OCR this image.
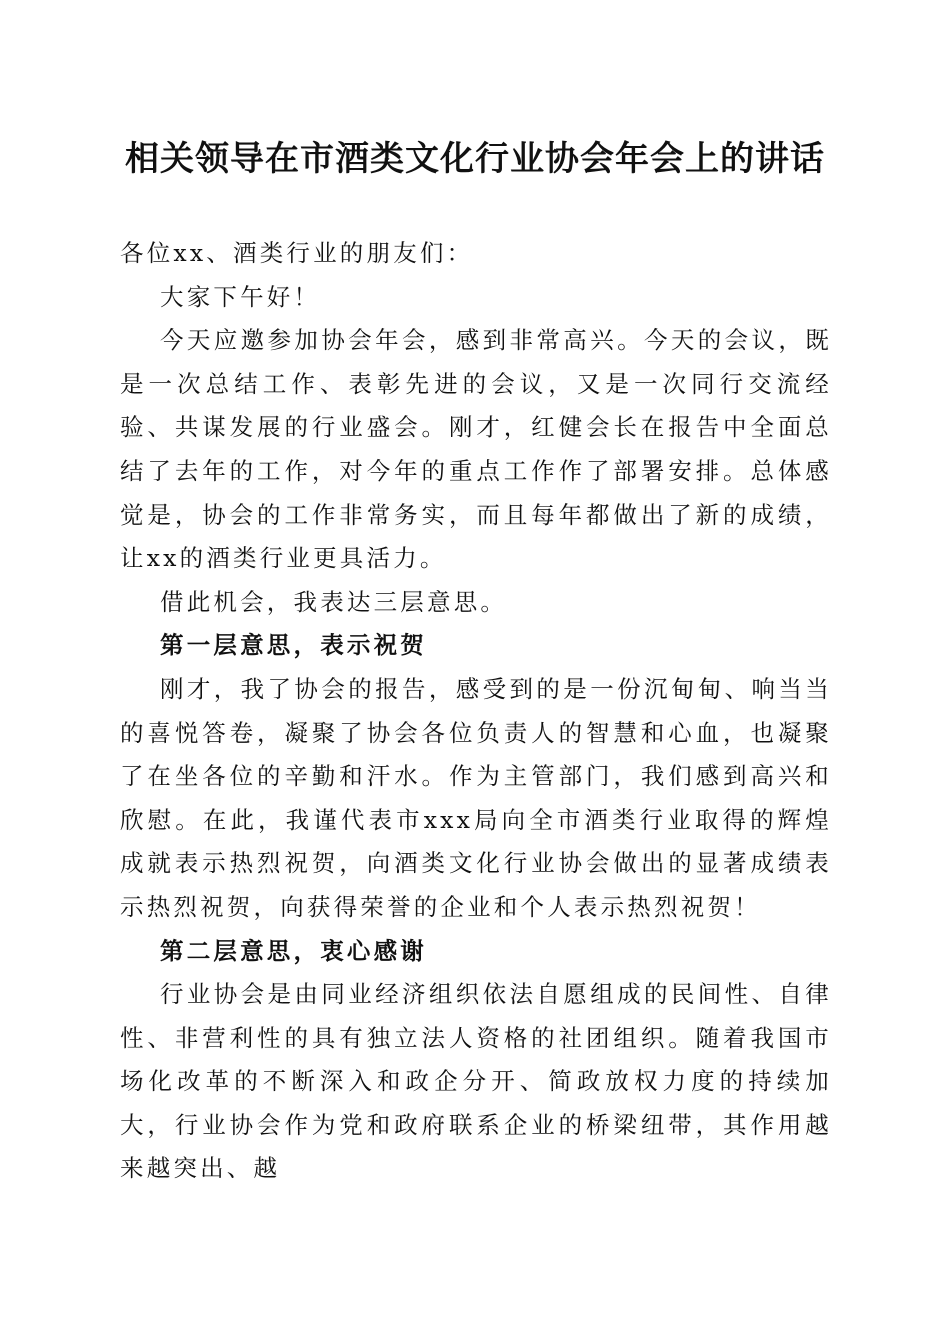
相关领导在市酒类文化行业协会年会上的讲话

各位xx、酒类行业的朋友们：

大家下午好！

今天应邀参加协会年会，感到非常高兴。今天的会议，既是一次总结工作、表彰先进的会议，又是一次同行交流经验、共谋发展的行业盛会。刚才，红健会长在报告中全面总结了去年的工作，对今年的重点工作作了部署安排。总体感觉是，协会的工作非常务实，而且每年都做出了新的成绩，让xx的酒类行业更具活力。

借此机会，我表达三层意思。

第一层意思，表示祝贺

刚才，我了协会的报告，感受到的是一份沉甸甸、响当当的喜悦答卷，凝聚了协会各位负责人的智慧和心血，也凝聚了在坐各位的辛勤和汗水。作为主管部门，我们感到高兴和欣慰。在此，我谨代表市xxx局向全市酒类行业取得的辉煌成就表示热烈祝贺，向酒类文化行业协会做出的显著成绩表示热烈祝贺，向获得荣誉的企业和个人表示热烈祝贺！

第二层意思，衷心感谢

行业协会是由同业经济组织依法自愿组成的民间性、自律性、非营利性的具有独立法人资格的社团组织。随着我国市场化改革的不断深入和政企分开、简政放权力度的持续加大，行业协会作为党和政府联系企业的桥梁纽带，其作用越来越突出、越
